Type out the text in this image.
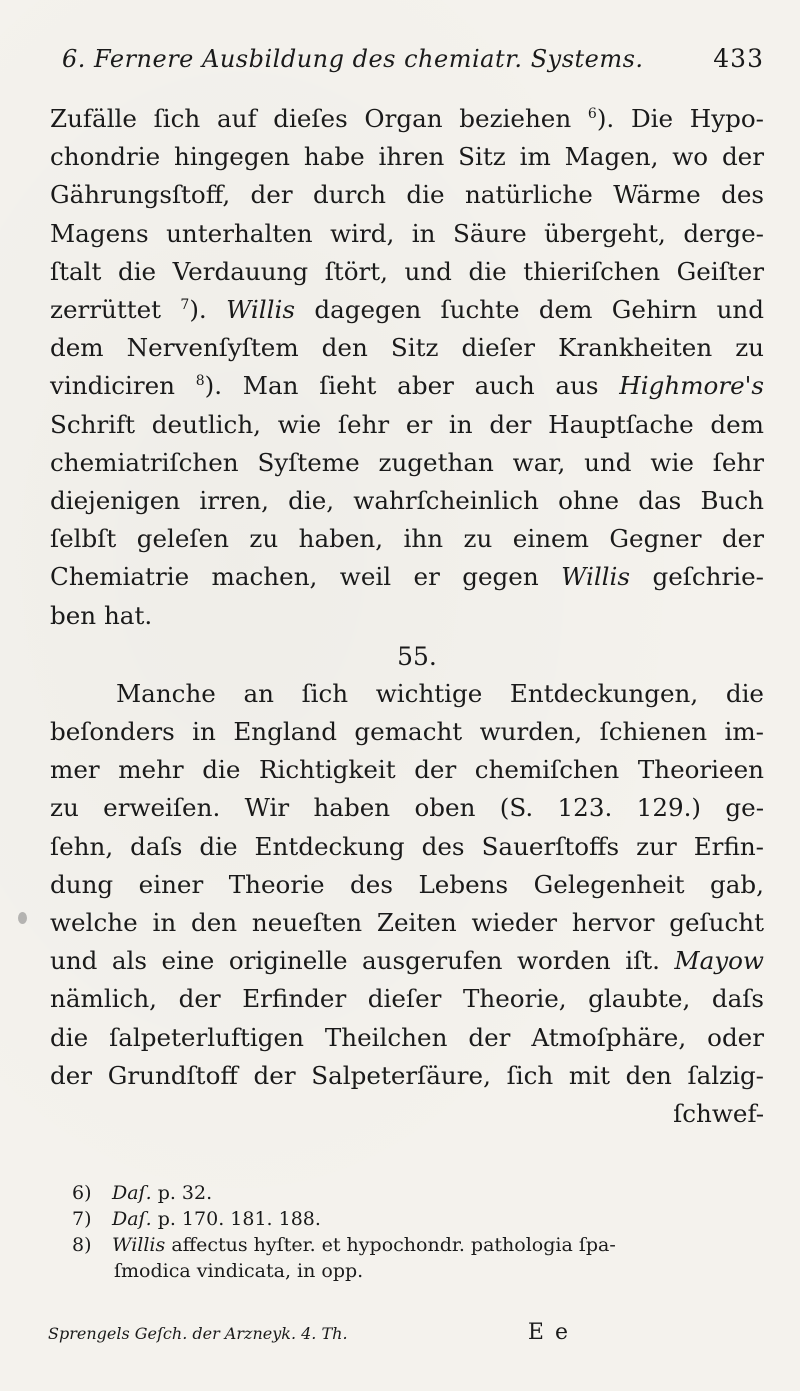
6. Fernere Ausbildung des chemiatr. Systems.	433
Zufälle ſich auf dieſes Organ beziehen $^6$). Die Hypo-
chondrie hingegen habe ihren Sitz im Magen, wo der
Gährungsſtoff, der durch die natürliche Wärme des
Magens unterhalten wird, in Säure übergeht, derge-
ſtalt die Verdauung ſtört, und die thieriſchen Geiſter
zerrüttet $^7$). Willis dagegen ſuchte dem Gehirn und
dem Nervenſyſtem den Sitz dieſer Krankheiten zu
vindiciren $^8$). Man ſieht aber auch aus Highmore's
Schrift deutlich, wie ſehr er in der Hauptſache dem
chemiatriſchen Syſteme zugethan war, und wie ſehr
diejenigen irren, die, wahrſcheinlich ohne das Buch
ſelbſt geleſen zu haben, ihn zu einem Gegner der
Chemiatrie machen, weil er gegen Willis geſchrie-
ben hat.
55.
Manche an ſich wichtige Entdeckungen, die
beſonders in England gemacht wurden, ſchienen im-
mer mehr die Richtigkeit der chemiſchen Theorieen
zu erweiſen. Wir haben oben (S. 123. 129.) ge-
ſehn, daſs die Entdeckung des Sauerſtoffs zur Erfin-
dung einer Theorie des Lebens Gelegenheit gab,
welche in den neueſten Zeiten wieder hervor geſucht
und als eine originelle ausgerufen worden iſt. Mayow
nämlich, der Erfinder dieſer Theorie, glaubte, daſs
die ſalpeterluftigen Theilchen der Atmoſphäre, oder
der Grundſtoff der Salpeterſäure, ſich mit den ſalzig-
ſchwef-
6) Daſ. p. 32.
7) Daſ. p. 170. 181. 188.
8) Willis affectus hyſter. et hypochondr. pathologia ſpa-
ſmodica vindicata, in opp.
Sprengels Geſch. der Arzneyk. 4. Th.	E e
